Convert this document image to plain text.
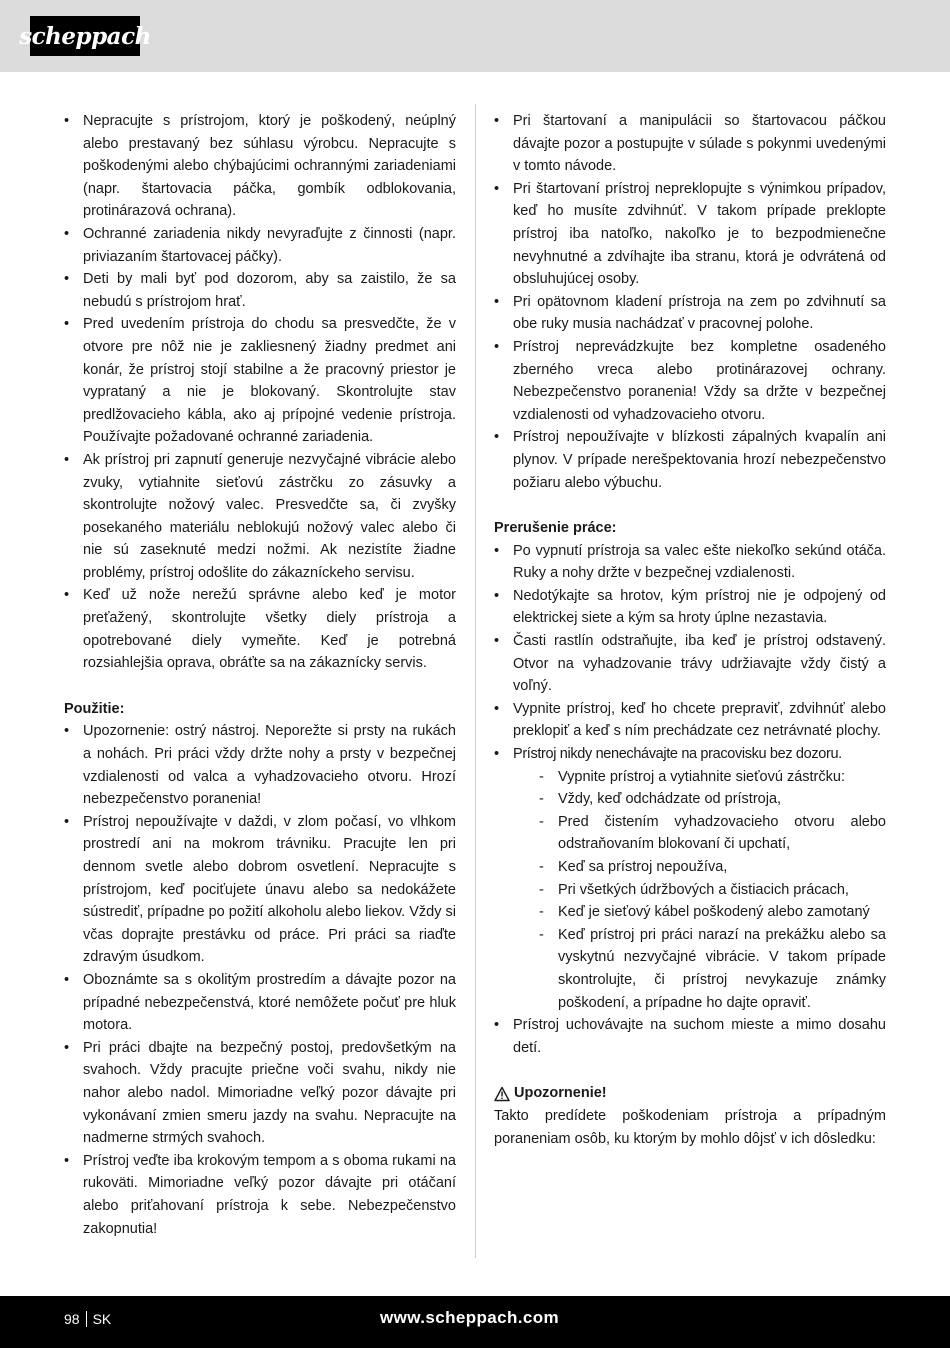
scheppach
• Nepracujte s prístrojom, ktorý je poškodený, neúplný alebo prestavaný bez súhlasu výrobcu. Nepracujte s poškodenými alebo chýbajúcimi ochrannými zariadeniami (napr. štartovacia páčka, gombík odblokovania, protinárazová ochrana).
• Ochranné zariadenia nikdy nevyraďujte z činnosti (napr. priviazaním štartovacej páčky).
• Deti by mali byť pod dozorom, aby sa zaistilo, že sa nebudú s prístrojom hrať.
• Pred uvedením prístroja do chodu sa presvedčte, že v otvore pre nôž nie je zakliesnený žiadny predmet ani konár, že prístroj stojí stabilne a že pracovný priestor je vyprataný a nie je blokovaný. Skontrolujte stav predlžovacieho kábla, ako aj prípojné vedenie prístroja. Používajte požadované ochranné zariadenia.
• Ak prístroj pri zapnutí generuje nezvyčajné vibrácie alebo zvuky, vytiahnite sieťovú zástrčku zo zásuvky a skontrolujte nožový valec. Presvedčte sa, či zvyšky posekaného materiálu neblokujú nožový valec alebo či nie sú zaseknuté medzi nožmi. Ak nezistíte žiadne problémy, prístroj odošlite do zákazníckeho servisu.
• Keď už nože nerežú správne alebo keď je motor preťažený, skontrolujte všetky diely prístroja a opotrebované diely vymeňte. Keď je potrebná rozsiahlejšia oprava, obráťte sa na zákaznícky servis.

Použitie:

• Upozornenie: ostrý nástroj. Neporežte si prsty na rukách a nohách. Pri práci vždy držte nohy a prsty v bezpečnej vzdialenosti od valca a vyhadzovacieho otvoru. Hrozí nebezpečenstvo poranenia!
• Prístroj nepoužívajte v daždi, v zlom počasí, vo vlhkom prostredí ani na mokrom trávniku. Pracujte len pri dennom svetle alebo dobrom osvetlení. Nepracujte s prístrojom, keď pociťujete únavu alebo sa nedokážete sústrediť, prípadne po požití alkoholu alebo liekov. Vždy si včas doprajte prestávku od práce. Pri práci sa riaďte zdravým úsudkom.
• Oboznámte sa s okolitým prostredím a dávajte pozor na prípadné nebezpečenstvá, ktoré nemôžete počuť pre hluk motora.
• Pri práci dbajte na bezpečný postoj, predovšetkým na svahoch. Vždy pracujte priečne voči svahu, nikdy nie nahor alebo nadol. Mimoriadne veľký pozor dávajte pri vykonávaní zmien smeru jazdy na svahu. Nepracujte na nadmerne strmých svahoch.
• Prístroj veďte iba krokovým tempom a s oboma rukami na rukoväti. Mimoriadne veľký pozor dávajte pri otáčaní alebo priťahovaní prístroja k sebe. Nebezpečenstvo zakopnutia!
• Pri štartovaní a manipulácii so štartovacou páčkou dávajte pozor a postupujte v súlade s pokynmi uvedenými v tomto návode.
• Pri štartovaní prístroj nepreklopujte s výnimkou prípadov, keď ho musíte zdvihnúť. V takom prípade preklopte prístroj iba natoľko, nakoľko je to bezpodmienečne nevyhnutné a zdvíhajte iba stranu, ktorá je odvrátená od obsluhujúcej osoby.
• Pri opätovnom kladení prístroja na zem po zdvihnutí sa obe ruky musia nachádzať v pracovnej polohe.
• Prístroj neprevádzkujte bez kompletne osadeného zberného vreca alebo protinárazovej ochrany. Nebezpečenstvo poranenia! Vždy sa držte v bezpečnej vzdialenosti od vyhadzovacieho otvoru.
• Prístroj nepoužívajte v blízkosti zápalných kvapalín ani plynov. V prípade nerešpektovania hrozí nebezpečenstvo požiaru alebo výbuchu.

Prerušenie práce:

• Po vypnutí prístroja sa valec ešte niekoľko sekúnd otáča. Ruky a nohy držte v bezpečnej vzdialenosti.
• Nedotýkajte sa hrotov, kým prístroj nie je odpojený od elektrickej siete a kým sa hroty úplne nezastavia.
• Časti rastlín odstraňujte, iba keď je prístroj odstavený. Otvor na vyhadzovanie trávy udržiavajte vždy čistý a voľný.
• Vypnite prístroj, keď ho chcete prepraviť, zdvihnúť alebo preklopiť a keď s ním prechádzate cez netrávnaté plochy.
• Prístroj nikdy nenechávajte na pracovisku bez dozoru.
- Vypnite prístroj a vytiahnite sieťovú zástrčku:
- Vždy, keď odchádzate od prístroja,
- Pred čistením vyhadzovacieho otvoru alebo odstraňovaním blokovaní či upchatí,
- Keď sa prístroj nepoužíva,
- Pri všetkých údržbových a čistiacich prácach,
- Keď je sieťový kábel poškodený alebo zamotaný
- Keď prístroj pri práci narazí na prekážku alebo sa vyskytnú nezvyčajné vibrácie. V takom prípade skontrolujte, či prístroj nevykazuje známky poškodení, a prípadne ho dajte opraviť.
• Prístroj uchovávajte na suchom mieste a mimo dosahu detí.

Upozornenie!

Takto predídete poškodeniam prístroja a prípadným poraneniam osôb, ku ktorým by mohlo dôjsť v ich dôsledku:

98 SK	www.scheppach.com
